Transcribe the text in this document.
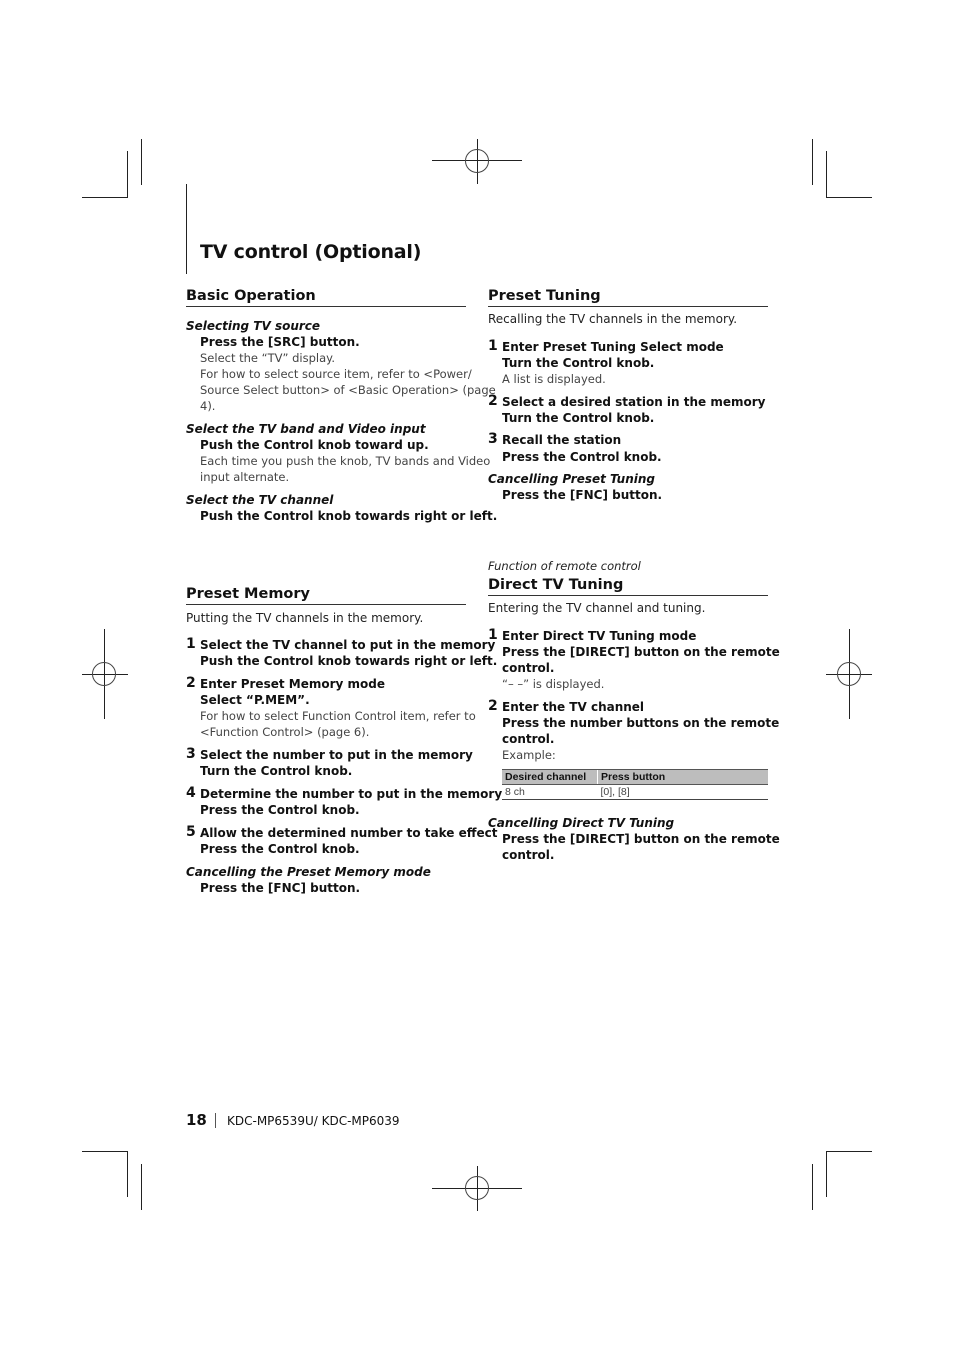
TV control (Optional)
Basic Operation
Selecting TV source
Press the [SRC] button.
Select the “TV” display.
For how to select source item, refer to <Power/
Source Select button> of <Basic Operation> (page
4).
Select the TV band and Video input
Push the Control knob toward up.
Each time you push the knob, TV bands and Video
input alternate.
Select the TV channel
Push the Control knob towards right or left.
Preset Memory
Putting the TV channels in the memory.
1 Select the TV channel to put in the memory
Push the Control knob towards right or left.
2 Enter Preset Memory mode
Select “P.MEM”.
For how to select Function Control item, refer to
<Function Control> (page 6).
3 Select the number to put in the memory
Turn the Control knob.
4 Determine the number to put in the memory
Press the Control knob.
5 Allow the determined number to take effect
Press the Control knob.
Cancelling the Preset Memory mode
Press the [FNC] button.
Preset Tuning
Recalling the TV channels in the memory.
1 Enter Preset Tuning Select mode
Turn the Control knob.
A list is displayed.
2 Select a desired station in the memory
Turn the Control knob.
3 Recall the station
Press the Control knob.
Cancelling Preset Tuning
Press the [FNC] button.
Function of remote control
Direct TV Tuning
Entering the TV channel and tuning.
1 Enter Direct TV Tuning mode
Press the [DIRECT] button on the remote
control.
“– –” is displayed.
2 Enter the TV channel
Press the number buttons on the remote
control.
Example:
Desired channel	Press button
8 ch	[0], [8]
Cancelling Direct TV Tuning
Press the [DIRECT] button on the remote
control.
18 KDC-MP6539U/ KDC-MP6039
